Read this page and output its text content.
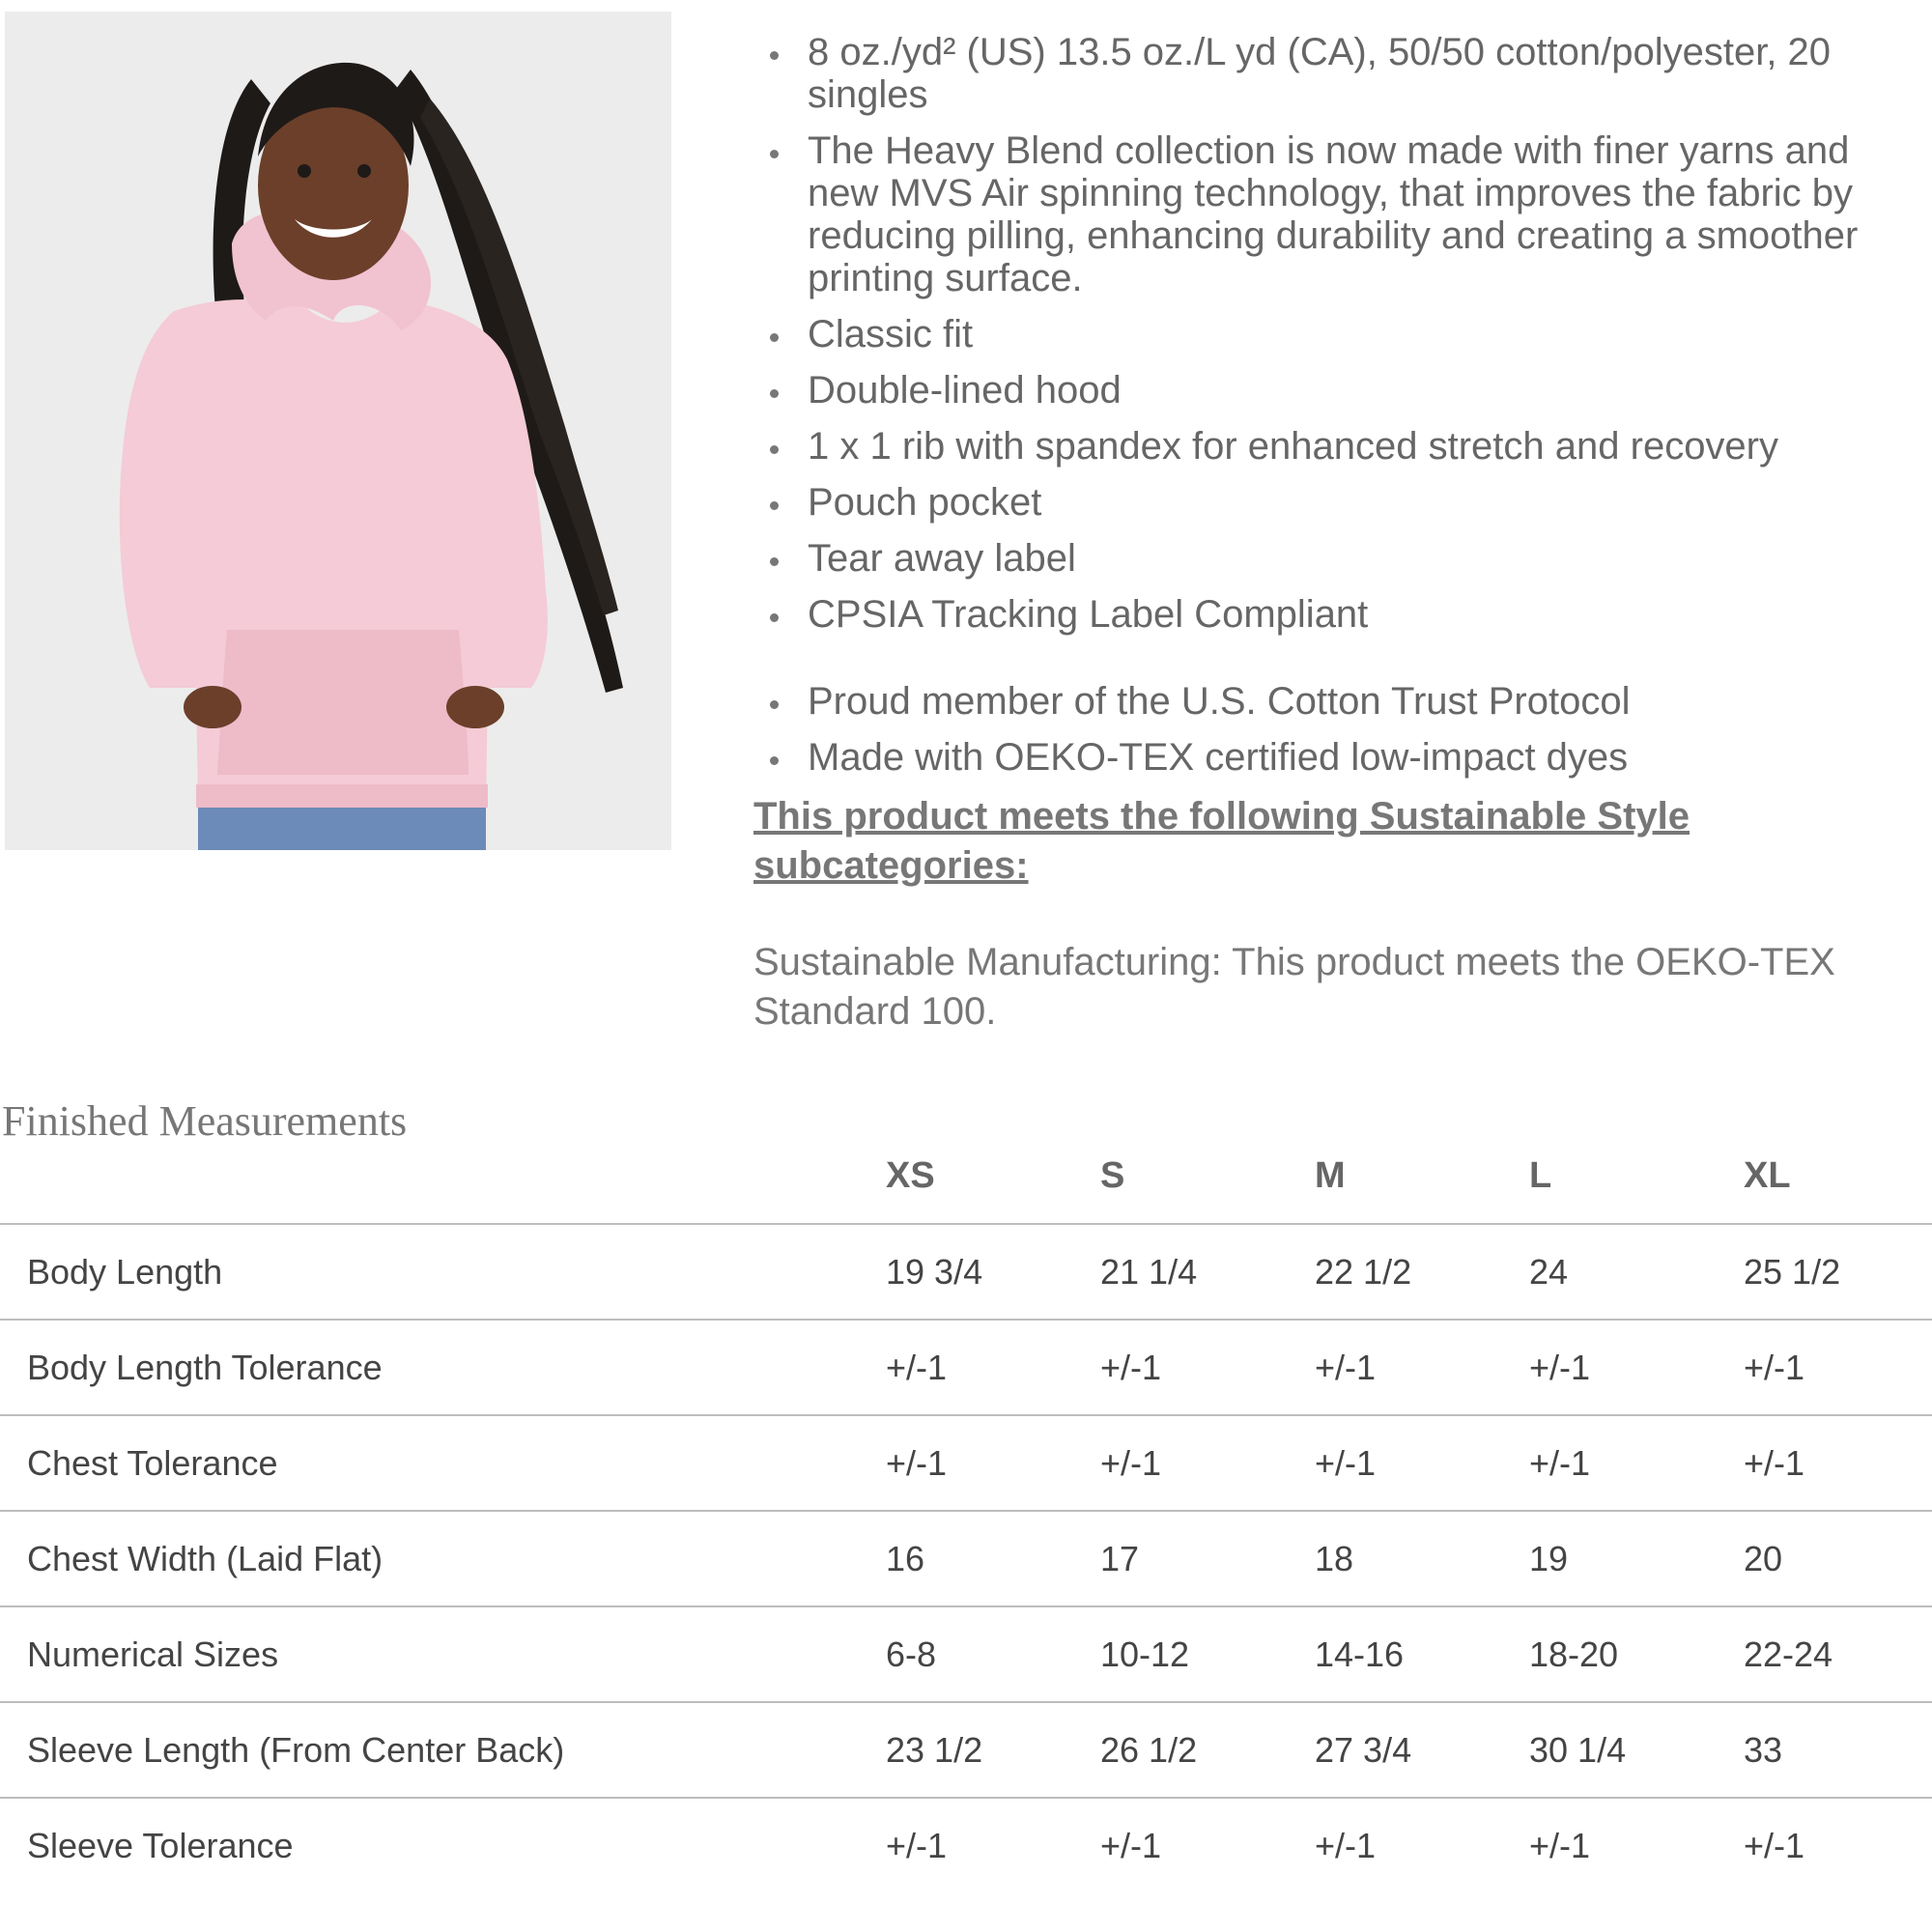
8 oz./yd² (US) 13.5 oz./L yd (CA), 50/50 cotton/polyester, 20 singles
The Heavy Blend collection is now made with finer yarns and new MVS Air spinning technology, that improves the fabric by reducing pilling, enhancing durability and creating a smoother printing surface.
Classic fit
Double-lined hood
1 x 1 rib with spandex for enhanced stretch and recovery
Pouch pocket
Tear away label
CPSIA Tracking Label Compliant
Proud member of the U.S. Cotton Trust Protocol
Made with OEKO-TEX certified low-impact dyes
This product meets the following Sustainable Style subcategories:
Sustainable Manufacturing: This product meets the OEKO-TEX Standard 100.
Finished Measurements
	XS	S	M	L	XL
Body Length	19 3/4	21 1/4	22 1/2	24	25 1/2
Body Length Tolerance	+/-1	+/-1	+/-1	+/-1	+/-1
Chest Tolerance	+/-1	+/-1	+/-1	+/-1	+/-1
Chest Width (Laid Flat)	16	17	18	19	20
Numerical Sizes	6-8	10-12	14-16	18-20	22-24
Sleeve Length (From Center Back)	23 1/2	26 1/2	27 3/4	30 1/4	33
Sleeve Tolerance	+/-1	+/-1	+/-1	+/-1	+/-1
